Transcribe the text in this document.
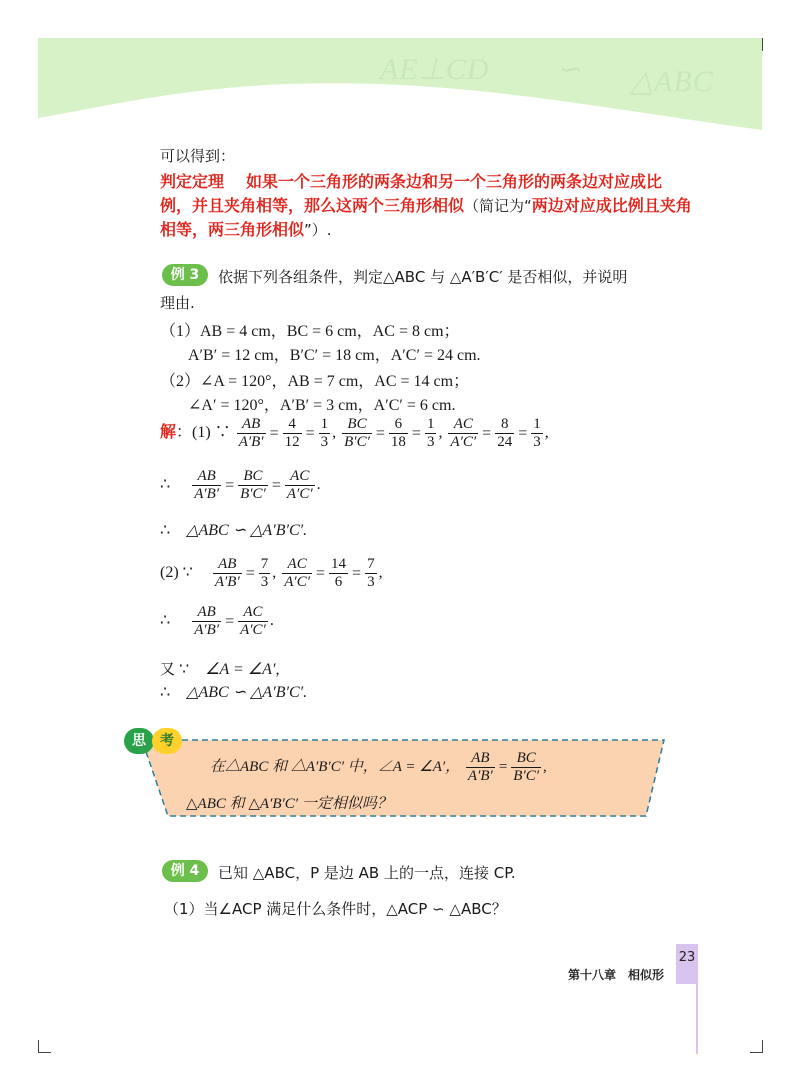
AE⊥CD ∽ △ABC
可以得到：
判定定理 如果一个三角形的两条边和另一个三角形的两条边对应成比
例，并且夹角相等，那么这两个三角形相似（简记为“两边对应成比例且夹角
相等，两三角形相似”）.
例 3	依据下列各组条件，判定△ABC 与 △A′B′C′ 是否相似，并说明
理由.
（1）AB = 4 cm，BC = 6 cm，AC = 8 cm；
A′B′ = 12 cm，B′C′ = 18 cm，A′C′ = 24 cm.
（2）∠A = 120°，AB = 7 cm，AC = 14 cm；
∠A′ = 120°，A′B′ = 3 cm，A′C′ = 6 cm.
解：(1) ∵ $\frac{AB}{A'B'} = \frac{4}{12} = \frac{1}{3}$ , $\frac{BC}{B'C'} = \frac{6}{18} = \frac{1}{3}$ , $\frac{AC}{A'C'} = \frac{8}{24} = \frac{1}{3}$ ,
∴ $\frac{AB}{A'B'} = \frac{BC}{B'C'} = \frac{AC}{A'C'}$ .
∴ △ABC ∽ △A′B′C′.
(2) ∵ $\frac{AB}{A'B'} = \frac{7}{3}$ , $\frac{AC}{A'C'} = \frac{14}{6} = \frac{7}{3}$ ,
∴ $\frac{AB}{A'B'} = \frac{AC}{A'C'}$ .
又 ∵ ∠A = ∠A′,
∴ △ABC ∽ △A′B′C′.
思	考
在△ABC 和 △A′B′C′ 中，∠A = ∠A′， $\frac{AB}{A'B'} = \frac{BC}{B'C'}$ ,
△ABC 和 △A′B′C′ 一定相似吗？
例 4	已知 △ABC，P 是边 AB 上的一点，连接 CP.
（1）当∠ACP 满足什么条件时，△ACP ∽ △ABC？
第十八章　相似形
23
